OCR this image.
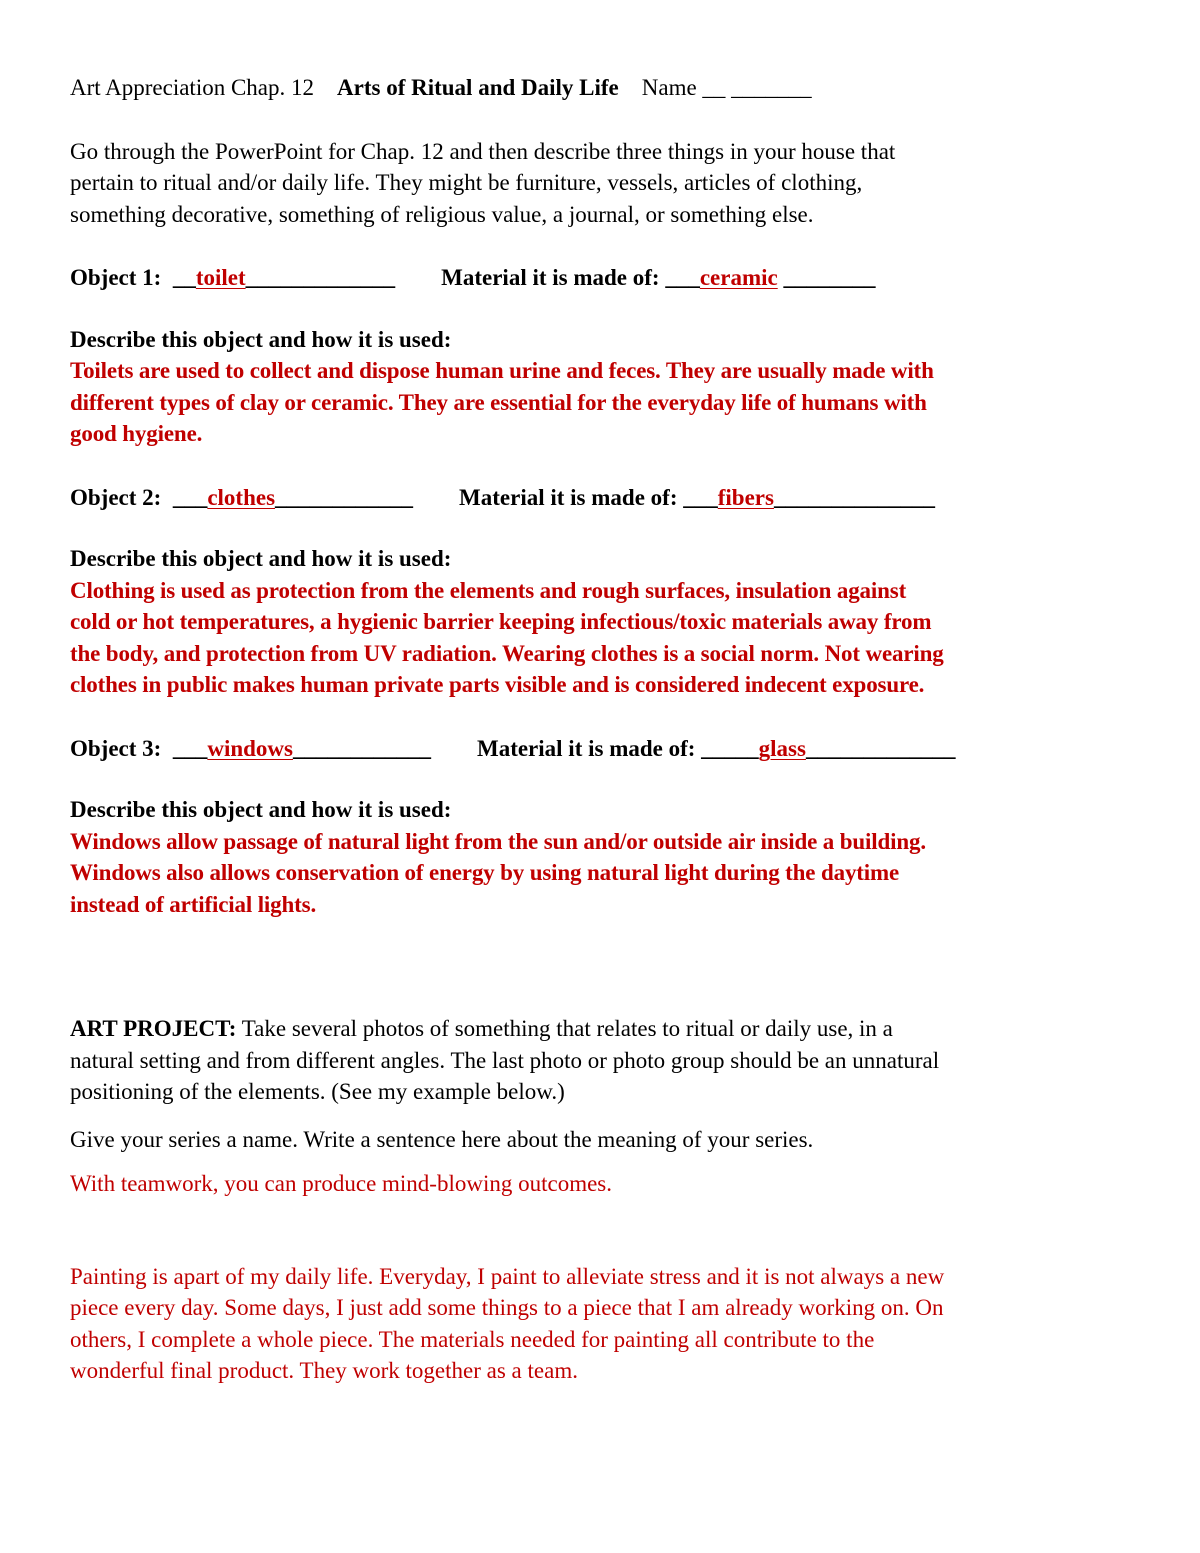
Art Appreciation Chap. 12 Arts of Ritual and Daily Life Name __ _______
Go through the PowerPoint for Chap. 12 and then describe three things in your house that
pertain to ritual and/or daily life. They might be furniture, vessels, articles of clothing,
something decorative, something of religious value, a journal, or something else.
Object 1: __toilet_____________ Material it is made of: ___ceramic ________
Describe this object and how it is used:
Toilets are used to collect and dispose human urine and feces. They are usually made with
different types of clay or ceramic. They are essential for the everyday life of humans with
good hygiene.
Object 2: ___clothes____________ Material it is made of: ___fibers______________
Describe this object and how it is used:
Clothing is used as protection from the elements and rough surfaces, insulation against
cold or hot temperatures, a hygienic barrier keeping infectious/toxic materials away from
the body, and protection from UV radiation. Wearing clothes is a social norm. Not wearing
clothes in public makes human private parts visible and is considered indecent exposure.
Object 3: ___windows____________ Material it is made of: _____glass_____________
Describe this object and how it is used:
Windows allow passage of natural light from the sun and/or outside air inside a building.
Windows also allows conservation of energy by using natural light during the daytime
instead of artificial lights.
ART PROJECT: Take several photos of something that relates to ritual or daily use, in a
natural setting and from different angles. The last photo or photo group should be an unnatural
positioning of the elements. (See my example below.)
Give your series a name. Write a sentence here about the meaning of your series.
With teamwork, you can produce mind-blowing outcomes.
Painting is apart of my daily life. Everyday, I paint to alleviate stress and it is not always a new
piece every day. Some days, I just add some things to a piece that I am already working on. On
others, I complete a whole piece. The materials needed for painting all contribute to the
wonderful final product. They work together as a team.
